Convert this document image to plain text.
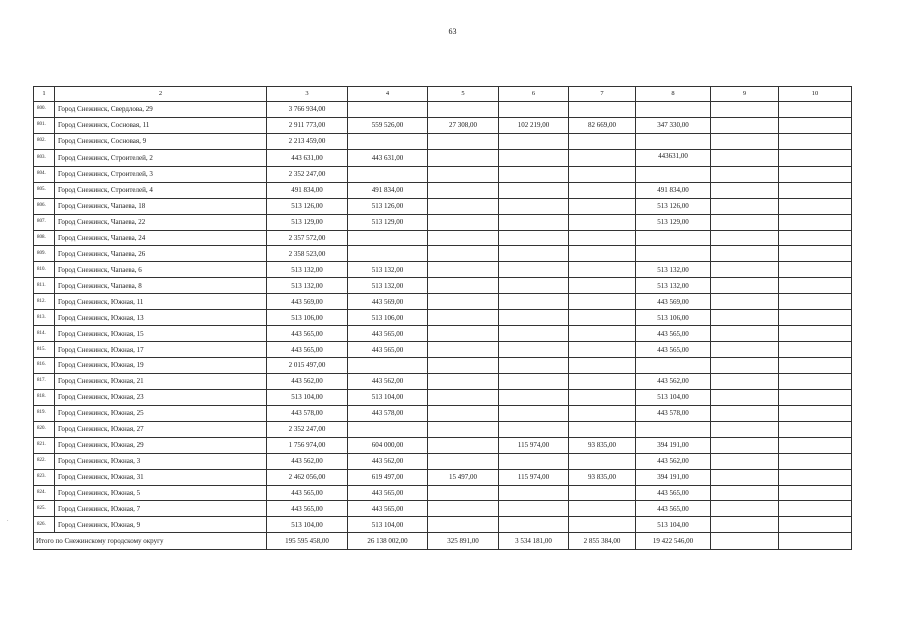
63
1	2	3	4	5	6	7	8	9	10
800.	Город Снежинск, Свердлова, 29	3 766 934,00							
801.	Город Снежинск, Сосновая, 11	2 911 773,00	559 526,00	27 308,00	102 219,00	82 669,00	347 330,00		
802.	Город Снежинск, Сосновая, 9	2 213 459,00							
803.	Город Снежинск, Строителей, 2	443 631,00	443 631,00				443631,00		
804.	Город Снежинск, Строителей, 3	2 352 247,00							
805.	Город Снежинск, Строителей, 4	491 834,00	491 834,00				491 834,00		
806.	Город Снежинск, Чапаева, 18	513 126,00	513 126,00				513 126,00		
807.	Город Снежинск, Чапаева, 22	513 129,00	513 129,00				513 129,00		
808.	Город Снежинск, Чапаева, 24	2 357 572,00							
809.	Город Снежинск, Чапаева, 26	2 358 523,00							
810.	Город Снежинск, Чапаева, 6	513 132,00	513 132,00				513 132,00		
811.	Город Снежинск, Чапаева, 8	513 132,00	513 132,00				513 132,00		
812.	Город Снежинск, Южная, 11	443 569,00	443 569,00				443 569,00		
813.	Город Снежинск, Южная, 13	513 106,00	513 106,00				513 106,00		
814.	Город Снежинск, Южная, 15	443 565,00	443 565,00				443 565,00		
815.	Город Снежинск, Южная, 17	443 565,00	443 565,00				443 565,00		
816.	Город Снежинск, Южная, 19	2 015 497,00							
817.	Город Снежинск, Южная, 21	443 562,00	443 562,00				443 562,00		
818.	Город Снежинск, Южная, 23	513 104,00	513 104,00				513 104,00		
819.	Город Снежинск, Южная, 25	443 578,00	443 578,00				443 578,00		
820.	Город Снежинск, Южная, 27	2 352 247,00							
821.	Город Снежинск, Южная, 29	1 756 974,00	604 000,00		115 974,00	93 835,00	394 191,00		
822.	Город Снежинск, Южная, 3	443 562,00	443 562,00				443 562,00		
823.	Город Снежинск, Южная, 31	2 462 056,00	619 497,00	15 497,00	115 974,00	93 835,00	394 191,00		
824.	Город Снежинск, Южная, 5	443 565,00	443 565,00				443 565,00		
825.	Город Снежинск, Южная, 7	443 565,00	443 565,00				443 565,00		
826.	Город Снежинск, Южная, 9	513 104,00	513 104,00				513 104,00		
Итого по Снежинскому городскому округу		195 595 458,00	26 138 002,00	325 891,00	3 534 181,00	2 855 384,00	19 422 546,00		
.
